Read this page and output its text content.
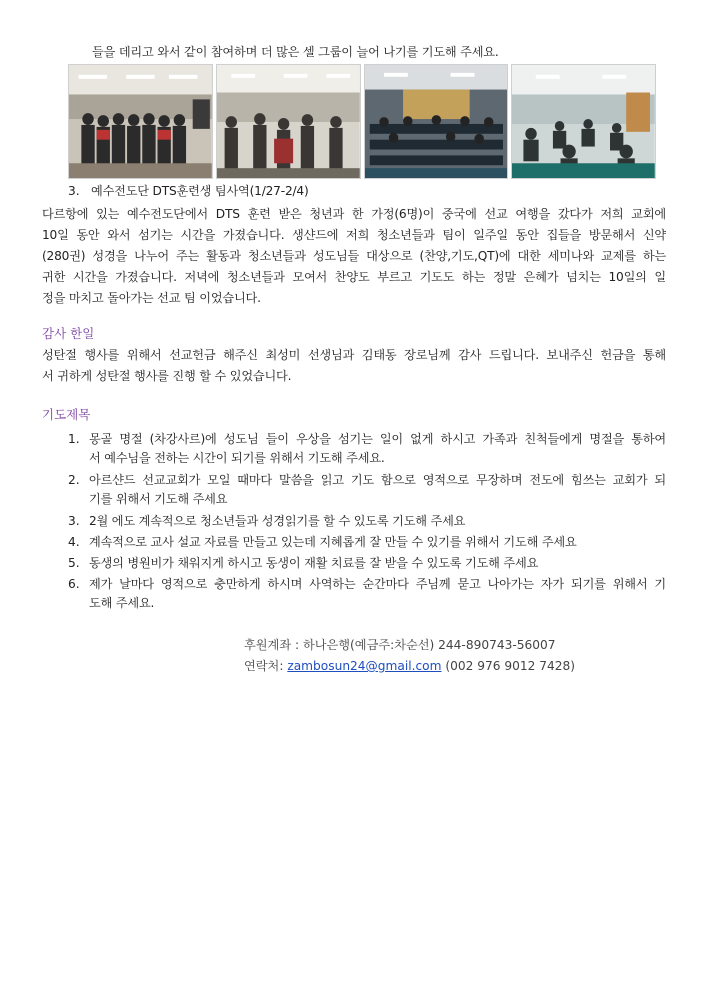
들을 데리고 와서 같이 참여하며 더 많은 셀 그룹이 늘어 나기를 기도해 주세요.
3. 예수전도단 DTS훈련생 팀사역(1/27-2/4)
다르항에 있는 예수전도단에서 DTS 훈련 받은 청년과 한 가정(6명)이 중국에 선교 여행을 갔다가 저희 교회에
10일 동안 와서 섬기는 시간을 가졌습니다. 생샨드에 저희 청소년들과 팀이 일주일 동안 집들을 방문해서 신약
(280권) 성경을 나누어 주는 활동과 청소년들과 성도님들 대상으로 (찬양,기도,QT)에 대한 세미나와 교제를 하는
귀한 시간을 가졌습니다. 저녁에 청소년들과 모여서 찬양도 부르고 기도도 하는 정말 은혜가 넘치는 10일의 일
정을 마치고 돌아가는 선교 팀 이었습니다.
감사 한일
성탄절 행사를 위해서 선교헌금 해주신 최성미 선생님과 김태동 장로님께 감사 드립니다. 보내주신 헌금을 통해
서 귀하게 성탄절 행사를 진행 할 수 있었습니다.
기도제목
1. 몽골 명절 (차강사르)에 성도님 들이 우상을 섬기는 일이 없게 하시고 가족과 친척들에게 명절을 통하여
서 예수님을 전하는 시간이 되기를 위해서 기도해 주세요.
2. 아르샨드 선교교회가 모일 때마다 말씀을 읽고 기도 함으로 영적으로 무장하며 전도에 힘쓰는 교회가 되
기를 위해서 기도해 주세요
3. 2월 에도 계속적으로 청소년들과 성경읽기를 할 수 있도록 기도해 주세요
4. 계속적으로 교사 설교 자료를 만들고 있는데 지혜롭게 잘 만들 수 있기를 위해서 기도해 주세요
5. 동생의 병원비가 채워지게 하시고 동생이 재활 치료를 잘 받을 수 있도록 기도해 주세요
6. 제가 날마다 영적으로 충만하게 하시며 사역하는 순간마다 주님께 묻고 나아가는 자가 되기를 위해서 기
도해 주세요.
후원계좌 : 하나은행(예금주:차순선) 244-890743-56007
연락처: zambosun24@gmail.com (002 976 9012 7428)
